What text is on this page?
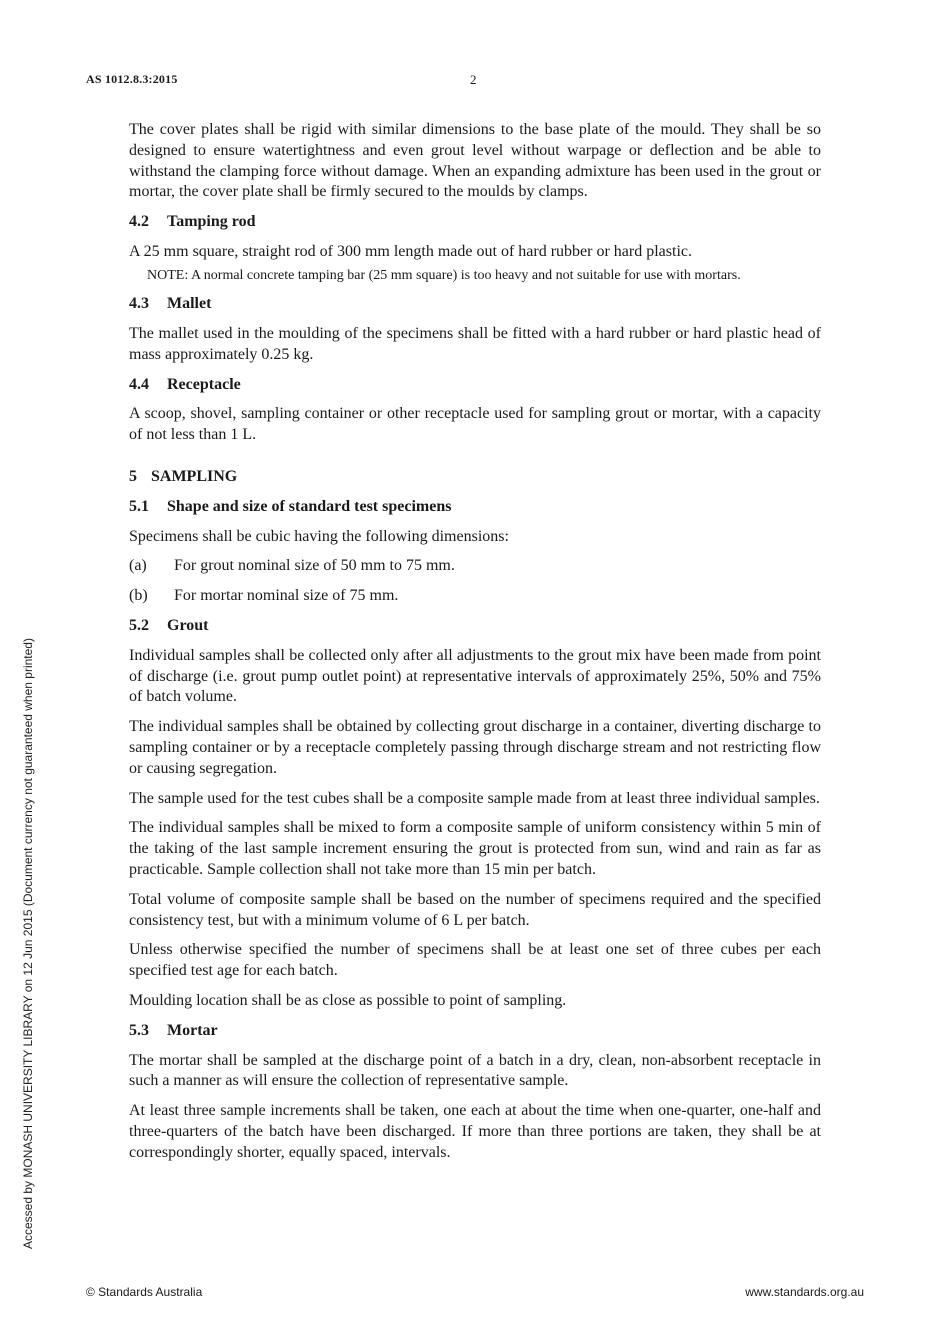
AS 1012.8.3:2015	2
Accessed by MONASH UNIVERSITY LIBRARY on 12 Jun 2015 (Document currency not guaranteed when printed)

The cover plates shall be rigid with similar dimensions to the base plate of the mould. They shall be so designed to ensure watertightness and even grout level without warpage or deflection and be able to withstand the clamping force without damage. When an expanding admixture has been used in the grout or mortar, the cover plate shall be firmly secured to the moulds by clamps.

4.2 Tamping rod

A 25 mm square, straight rod of 300 mm length made out of hard rubber or hard plastic.

NOTE: A normal concrete tamping bar (25 mm square) is too heavy and not suitable for use with mortars.
4.3 Mallet

The mallet used in the moulding of the specimens shall be fitted with a hard rubber or hard plastic head of mass approximately 0.25 kg.

4.4 Receptacle

A scoop, shovel, sampling container or other receptacle used for sampling grout or mortar, with a capacity of not less than 1 L.

5 SAMPLING
5.1 Shape and size of standard test specimens

Specimens shall be cubic having the following dimensions:

(a) For grout nominal size of 50 mm to 75 mm.
(b) For mortar nominal size of 75 mm.
5.2 Grout

Individual samples shall be collected only after all adjustments to the grout mix have been made from point of discharge (i.e. grout pump outlet point) at representative intervals of approximately 25%, 50% and 75% of batch volume.

The individual samples shall be obtained by collecting grout discharge in a container, diverting discharge to sampling container or by a receptacle completely passing through discharge stream and not restricting flow or causing segregation.

The sample used for the test cubes shall be a composite sample made from at least three individual samples.

The individual samples shall be mixed to form a composite sample of uniform consistency within 5 min of the taking of the last sample increment ensuring the grout is protected from sun, wind and rain as far as practicable. Sample collection shall not take more than 15 min per batch.

Total volume of composite sample shall be based on the number of specimens required and the specified consistency test, but with a minimum volume of 6 L per batch.

Unless otherwise specified the number of specimens shall be at least one set of three cubes per each specified test age for each batch.

Moulding location shall be as close as possible to point of sampling.

5.3 Mortar

The mortar shall be sampled at the discharge point of a batch in a dry, clean, non-absorbent receptacle in such a manner as will ensure the collection of representative sample.

At least three sample increments shall be taken, one each at about the time when one-quarter, one-half and three-quarters of the batch have been discharged. If more than three portions are taken, they shall be at correspondingly shorter, equally spaced, intervals.

© Standards Australia	www.standards.org.au
